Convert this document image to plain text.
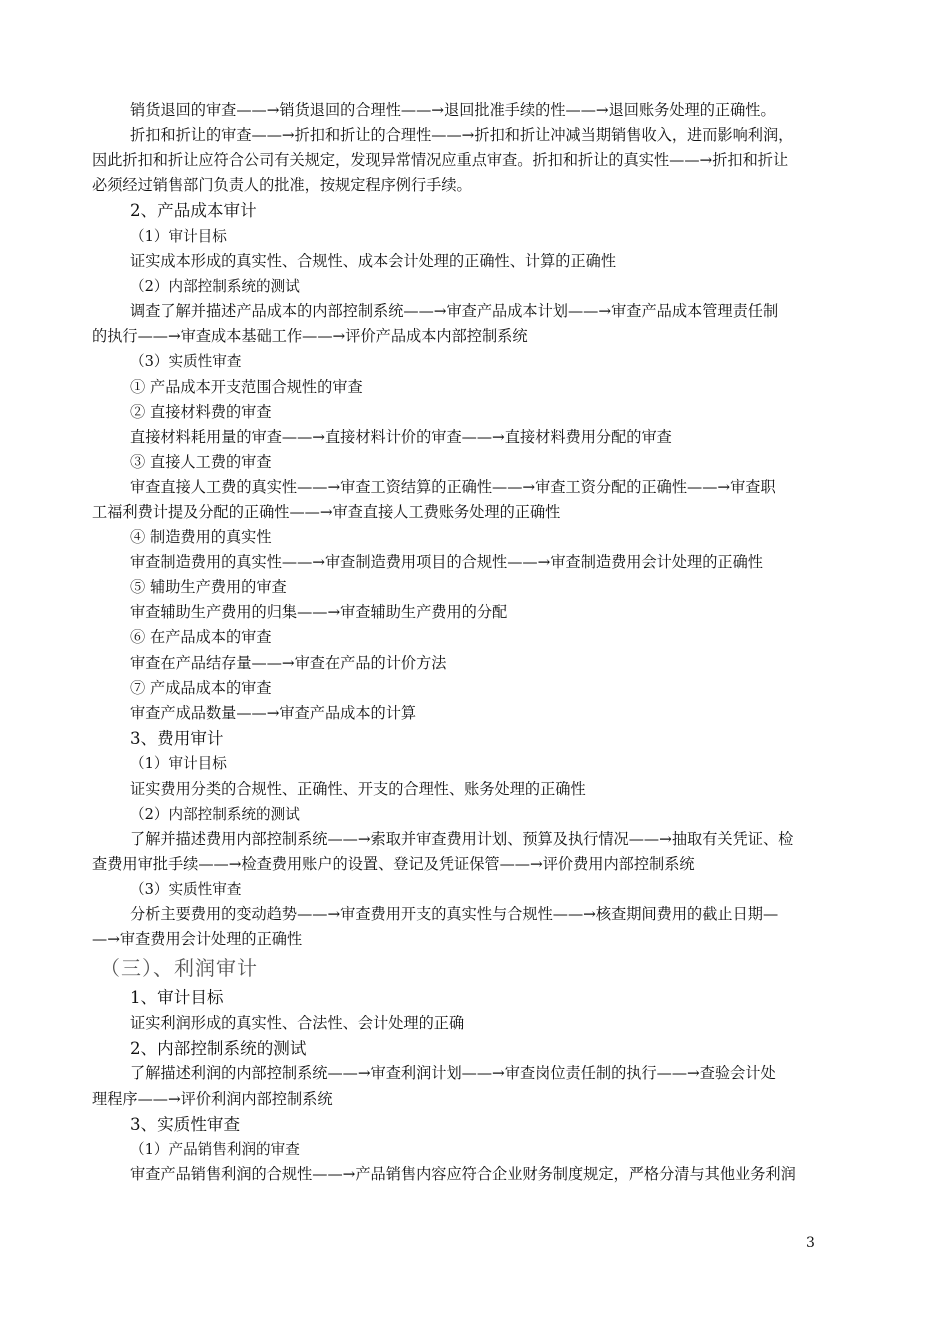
销货退回的审查——→销货退回的合理性——→退回批准手续的性——→退回账务处理的正确性。
折扣和折让的审查——→折扣和折让的合理性——→折扣和折让冲减当期销售收入，进而影响利润，
因此折扣和折让应符合公司有关规定，发现异常情况应重点审查。折扣和折让的真实性——→折扣和折让
必须经过销售部门负责人的批准，按规定程序例行手续。
2、产品成本审计
（1）审计目标
证实成本形成的真实性、合规性、成本会计处理的正确性、计算的正确性
（2）内部控制系统的测试
调查了解并描述产品成本的内部控制系统——→审查产品成本计划——→审查产品成本管理责任制
的执行——→审查成本基础工作——→评价产品成本内部控制系统
（3）实质性审查
① 产品成本开支范围合规性的审查
② 直接材料费的审查
直接材料耗用量的审查——→直接材料计价的审查——→直接材料费用分配的审查
③ 直接人工费的审查
审查直接人工费的真实性——→审查工资结算的正确性——→审查工资分配的正确性——→审查职
工福利费计提及分配的正确性——→审查直接人工费账务处理的正确性
④ 制造费用的真实性
审查制造费用的真实性——→审查制造费用项目的合规性——→审查制造费用会计处理的正确性
⑤ 辅助生产费用的审查
审查辅助生产费用的归集——→审查辅助生产费用的分配
⑥ 在产品成本的审查
审查在产品结存量——→审查在产品的计价方法
⑦ 产成品成本的审查
审查产成品数量——→审查产品成本的计算
3、费用审计
（1）审计目标
证实费用分类的合规性、正确性、开支的合理性、账务处理的正确性
（2）内部控制系统的测试
了解并描述费用内部控制系统——→索取并审查费用计划、预算及执行情况——→抽取有关凭证、检
查费用审批手续——→检查费用账户的设置、登记及凭证保管——→评价费用内部控制系统
（3）实质性审查
分析主要费用的变动趋势——→审查费用开支的真实性与合规性——→核查期间费用的截止日期—
—→审查费用会计处理的正确性
（三）、利润审计
1、审计目标
证实利润形成的真实性、合法性、会计处理的正确
2、内部控制系统的测试
了解描述利润的内部控制系统——→审查利润计划——→审查岗位责任制的执行——→查验会计处
理程序——→评价利润内部控制系统
3、实质性审查
（1）产品销售利润的审查
审查产品销售利润的合规性——→产品销售内容应符合企业财务制度规定，严格分清与其他业务利润
3
